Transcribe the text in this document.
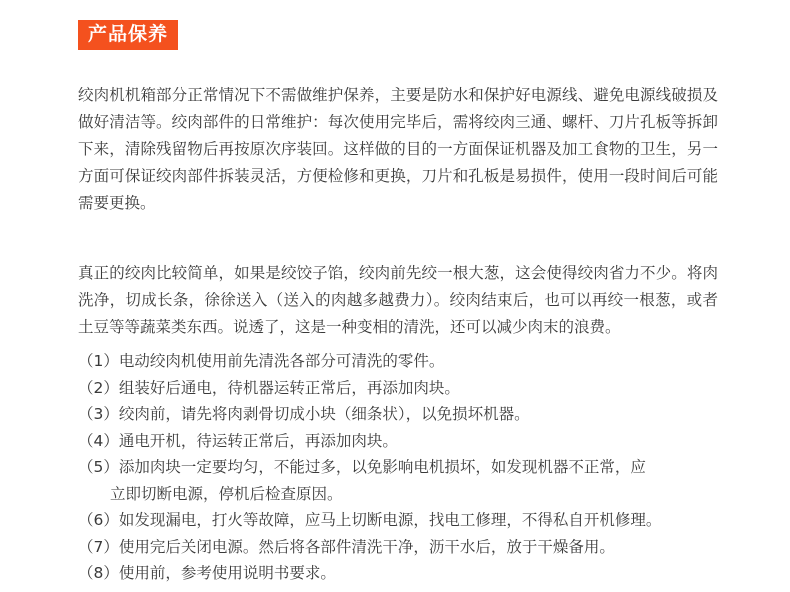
产品保养

绞肉机机箱部分正常情况下不需做维护保养，主要是防水和保护好电源线、避免电源线破损及做好清洁等。绞肉部件的日常维护：每次使用完毕后，需将绞肉三通、螺杆、刀片孔板等拆卸下来，清除残留物后再按原次序装回。这样做的目的一方面保证机器及加工食物的卫生，另一方面可保证绞肉部件拆装灵活，方便检修和更换，刀片和孔板是易损件，使用一段时间后可能需要更换。

真正的绞肉比较简单，如果是绞饺子馅，绞肉前先绞一根大葱，这会使得绞肉省力不少。将肉洗净，切成长条，徐徐送入（送入的肉越多越费力）。绞肉结束后，也可以再绞一根葱，或者土豆等等蔬菜类东西。说透了，这是一种变相的清洗，还可以减少肉末的浪费。

（1）电动绞肉机使用前先清洗各部分可清洗的零件。
（2）组装好后通电，待机器运转正常后，再添加肉块。
（3）绞肉前，请先将肉剥骨切成小块（细条状），以免损坏机器。
（4）通电开机，待运转正常后，再添加肉块。
（5）添加肉块一定要均匀，不能过多，以免影响电机损坏，如发现机器不正常，应
立即切断电源，停机后检查原因。
（6）如发现漏电，打火等故障，应马上切断电源，找电工修理，不得私自开机修理。
（7）使用完后关闭电源。然后将各部件清洗干净，沥干水后，放于干燥备用。
（8）使用前，参考使用说明书要求。
